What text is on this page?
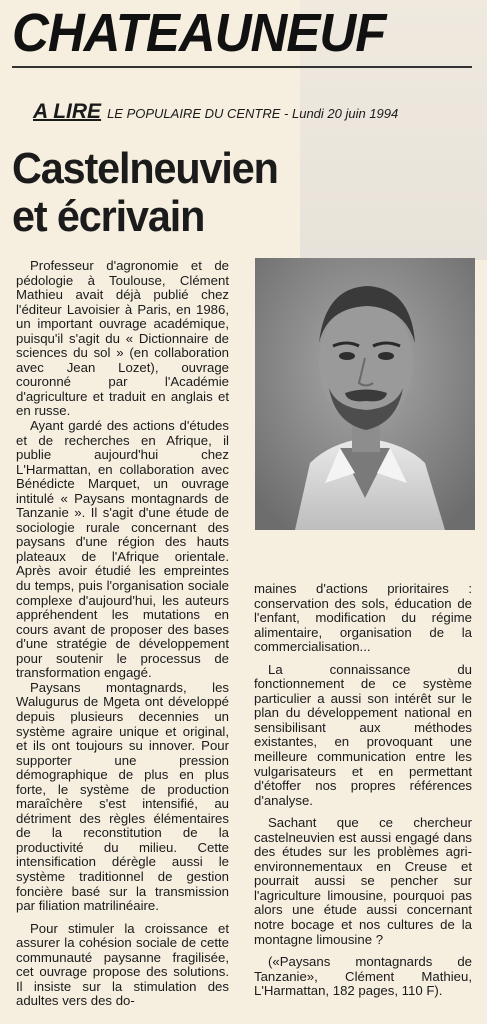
CHATEAUNEUF
A LIRE LE POPULAIRE DU CENTRE - Lundi 20 juin 1994
Castelneuvien
et écrivain

Professeur d'agronomie et de pédologie à Toulouse, Clément Mathieu avait déjà publié chez l'éditeur Lavoisier à Paris, en 1986, un important ouvrage académique, puisqu'il s'agit du « Dictionnaire de sciences du sol » (en collaboration avec Jean Lozet), ouvrage couronné par l'Académie d'agriculture et traduit en anglais et en russe.

Ayant gardé des actions d'études et de recherches en Afrique, il publie aujourd'hui chez L'Harmattan, en collaboration avec Bénédicte Marquet, un ouvrage intitulé « Paysans montagnards de Tanzanie ». Il s'agit d'une étude de sociologie rurale concernant des paysans d'une région des hauts plateaux de l'Afrique orientale. Après avoir étudié les empreintes du temps, puis l'organisation sociale complexe d'aujourd'hui, les auteurs appréhendent les mutations en cours avant de proposer des bases d'une stratégie de développement pour soutenir le processus de transformation engagé.

Paysans montagnards, les Walugurus de Mgeta ont développé depuis plusieurs decennies un système agraire unique et original, et ils ont toujours su innover. Pour supporter une pression démographique de plus en plus forte, le système de production maraîchère s'est intensifié, au détriment des règles élémentaires de la reconstitution de la productivité du milieu. Cette intensification dérègle aussi le système traditionnel de gestion foncière basé sur la transmission par filiation matrilinéaire.

Pour stimuler la croissance et assurer la cohésion sociale de cette communauté paysanne fragilisée, cet ouvrage propose des solutions. Il insiste sur la stimulation des adultes vers des do-

maines d'actions prioritaires : conservation des sols, éducation de l'enfant, modification du régime alimentaire, organisation de la commercialisation...

La connaissance du fonctionnement de ce système particulier a aussi son intérêt sur le plan du développement national en sensibilisant aux méthodes existantes, en provoquant une meilleure communication entre les vulgarisateurs et en permettant d'étoffer nos propres références d'analyse.

Sachant que ce chercheur castelneuvien est aussi engagé dans des études sur les problèmes agri-environnementaux en Creuse et pourrait aussi se pencher sur l'agriculture limousine, pourquoi pas alors une étude aussi concernant notre bocage et nos cultures de la montagne limousine ?

(«Paysans montagnards de Tanzanie», Clément Mathieu, L'Harmattan, 182 pages, 110 F).
